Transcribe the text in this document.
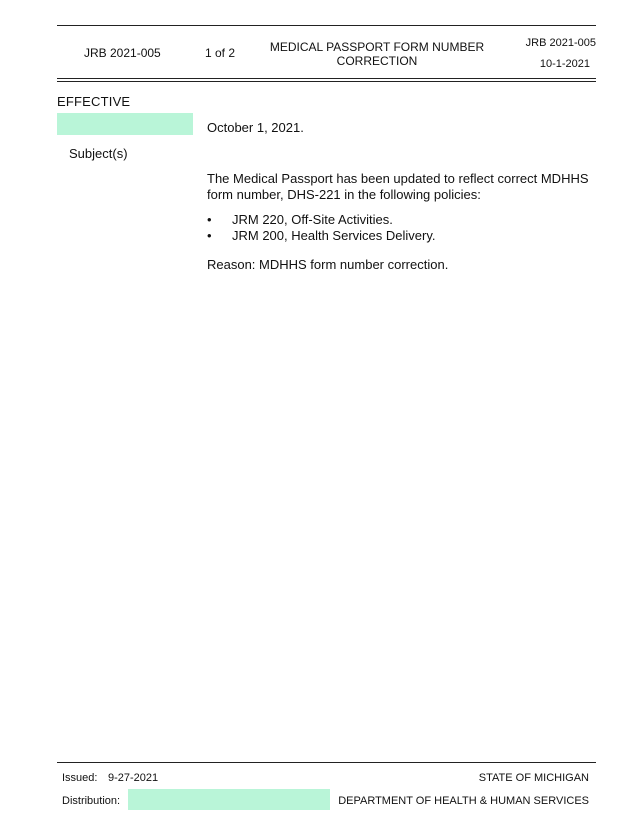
JRB 2021-005	1 of 2	MEDICAL PASSPORT FORM NUMBER CORRECTION
JRB 2021-005
10-1-2021
EFFECTIVE
October 1, 2021.
Subject(s)
The Medical Passport has been updated to reflect correct MDHHS form number, DHS-221 in the following policies:
•	JRM 220, Off-Site Activities.
•	JRM 200, Health Services Delivery.
Reason: MDHHS form number correction.
Issued: 9-27-2021	STATE OF MICHIGAN
Distribution:	DEPARTMENT OF HEALTH & HUMAN SERVICES
